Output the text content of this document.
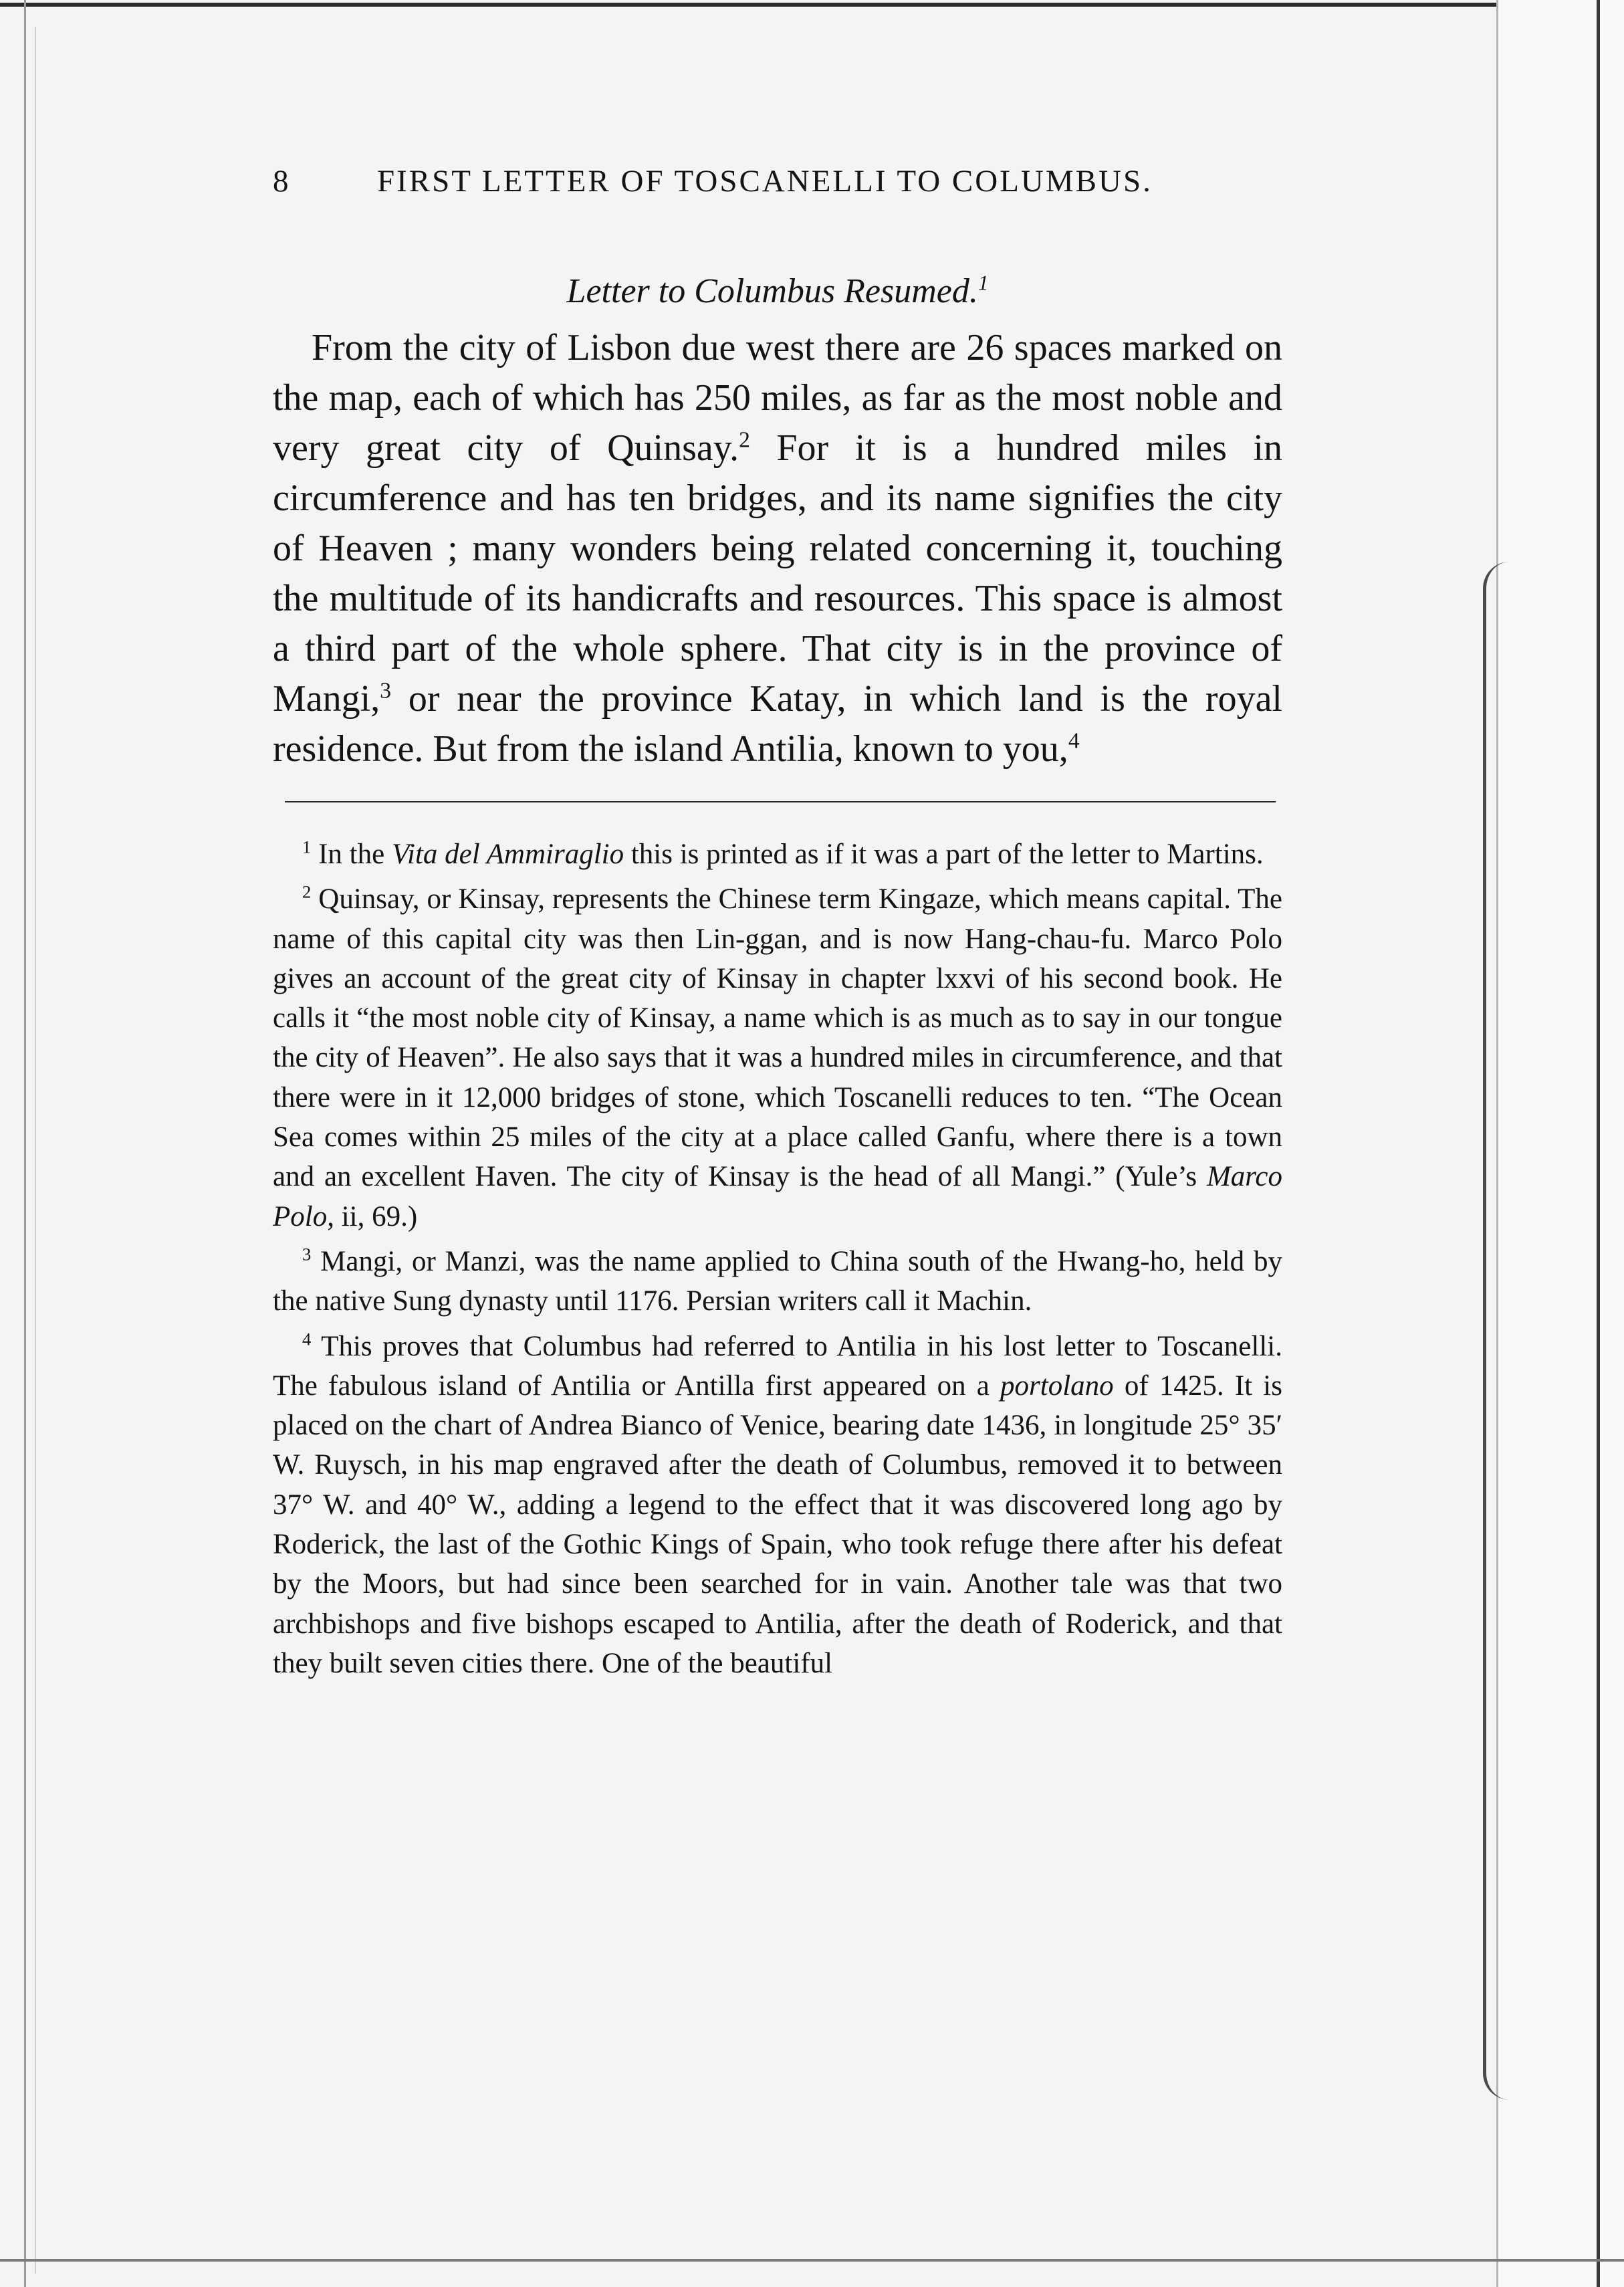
8	FIRST LETTER OF TOSCANELLI TO COLUMBUS.
Letter to Columbus Resumed.$^1$

From the city of Lisbon due west there are 26 spaces marked on the map, each of which has 250 miles, as far as the most noble and very great city of Quinsay.$^2$ For it is a hundred miles in circumference and has ten bridges, and its name signifies the city of Heaven ; many wonders being related concerning it, touching the multitude of its handicrafts and resources. This space is almost a third part of the whole sphere. That city is in the province of Mangi,$^3$ or near the province Katay, in which land is the royal residence. But from the island Antilia, known to you,$^4$

$^1$ In the Vita del Ammiraglio this is printed as if it was a part of the letter to Martins.

$^2$ Quinsay, or Kinsay, represents the Chinese term Kingaze, which means capital. The name of this capital city was then Lin-ggan, and is now Hang-chau-fu. Marco Polo gives an account of the great city of Kinsay in chapter lxxvi of his second book. He calls it “the most noble city of Kinsay, a name which is as much as to say in our tongue the city of Heaven”. He also says that it was a hundred miles in circumference, and that there were in it 12,000 bridges of stone, which Toscanelli reduces to ten. “The Ocean Sea comes within 25 miles of the city at a place called Ganfu, where there is a town and an excellent Haven. The city of Kinsay is the head of all Mangi.” (Yule’s Marco Polo, ii, 69.)

$^3$ Mangi, or Manzi, was the name applied to China south of the Hwang-ho, held by the native Sung dynasty until 1176. Persian writers call it Machin.

$^4$ This proves that Columbus had referred to Antilia in his lost letter to Toscanelli. The fabulous island of Antilia or Antilla first appeared on a portolano of 1425. It is placed on the chart of Andrea Bianco of Venice, bearing date 1436, in longitude 25° 35′ W. Ruysch, in his map engraved after the death of Columbus, removed it to between 37° W. and 40° W., adding a legend to the effect that it was discovered long ago by Roderick, the last of the Gothic Kings of Spain, who took refuge there after his defeat by the Moors, but had since been searched for in vain. Another tale was that two archbishops and five bishops escaped to Antilia, after the death of Roderick, and that they built seven cities there. One of the beautiful
